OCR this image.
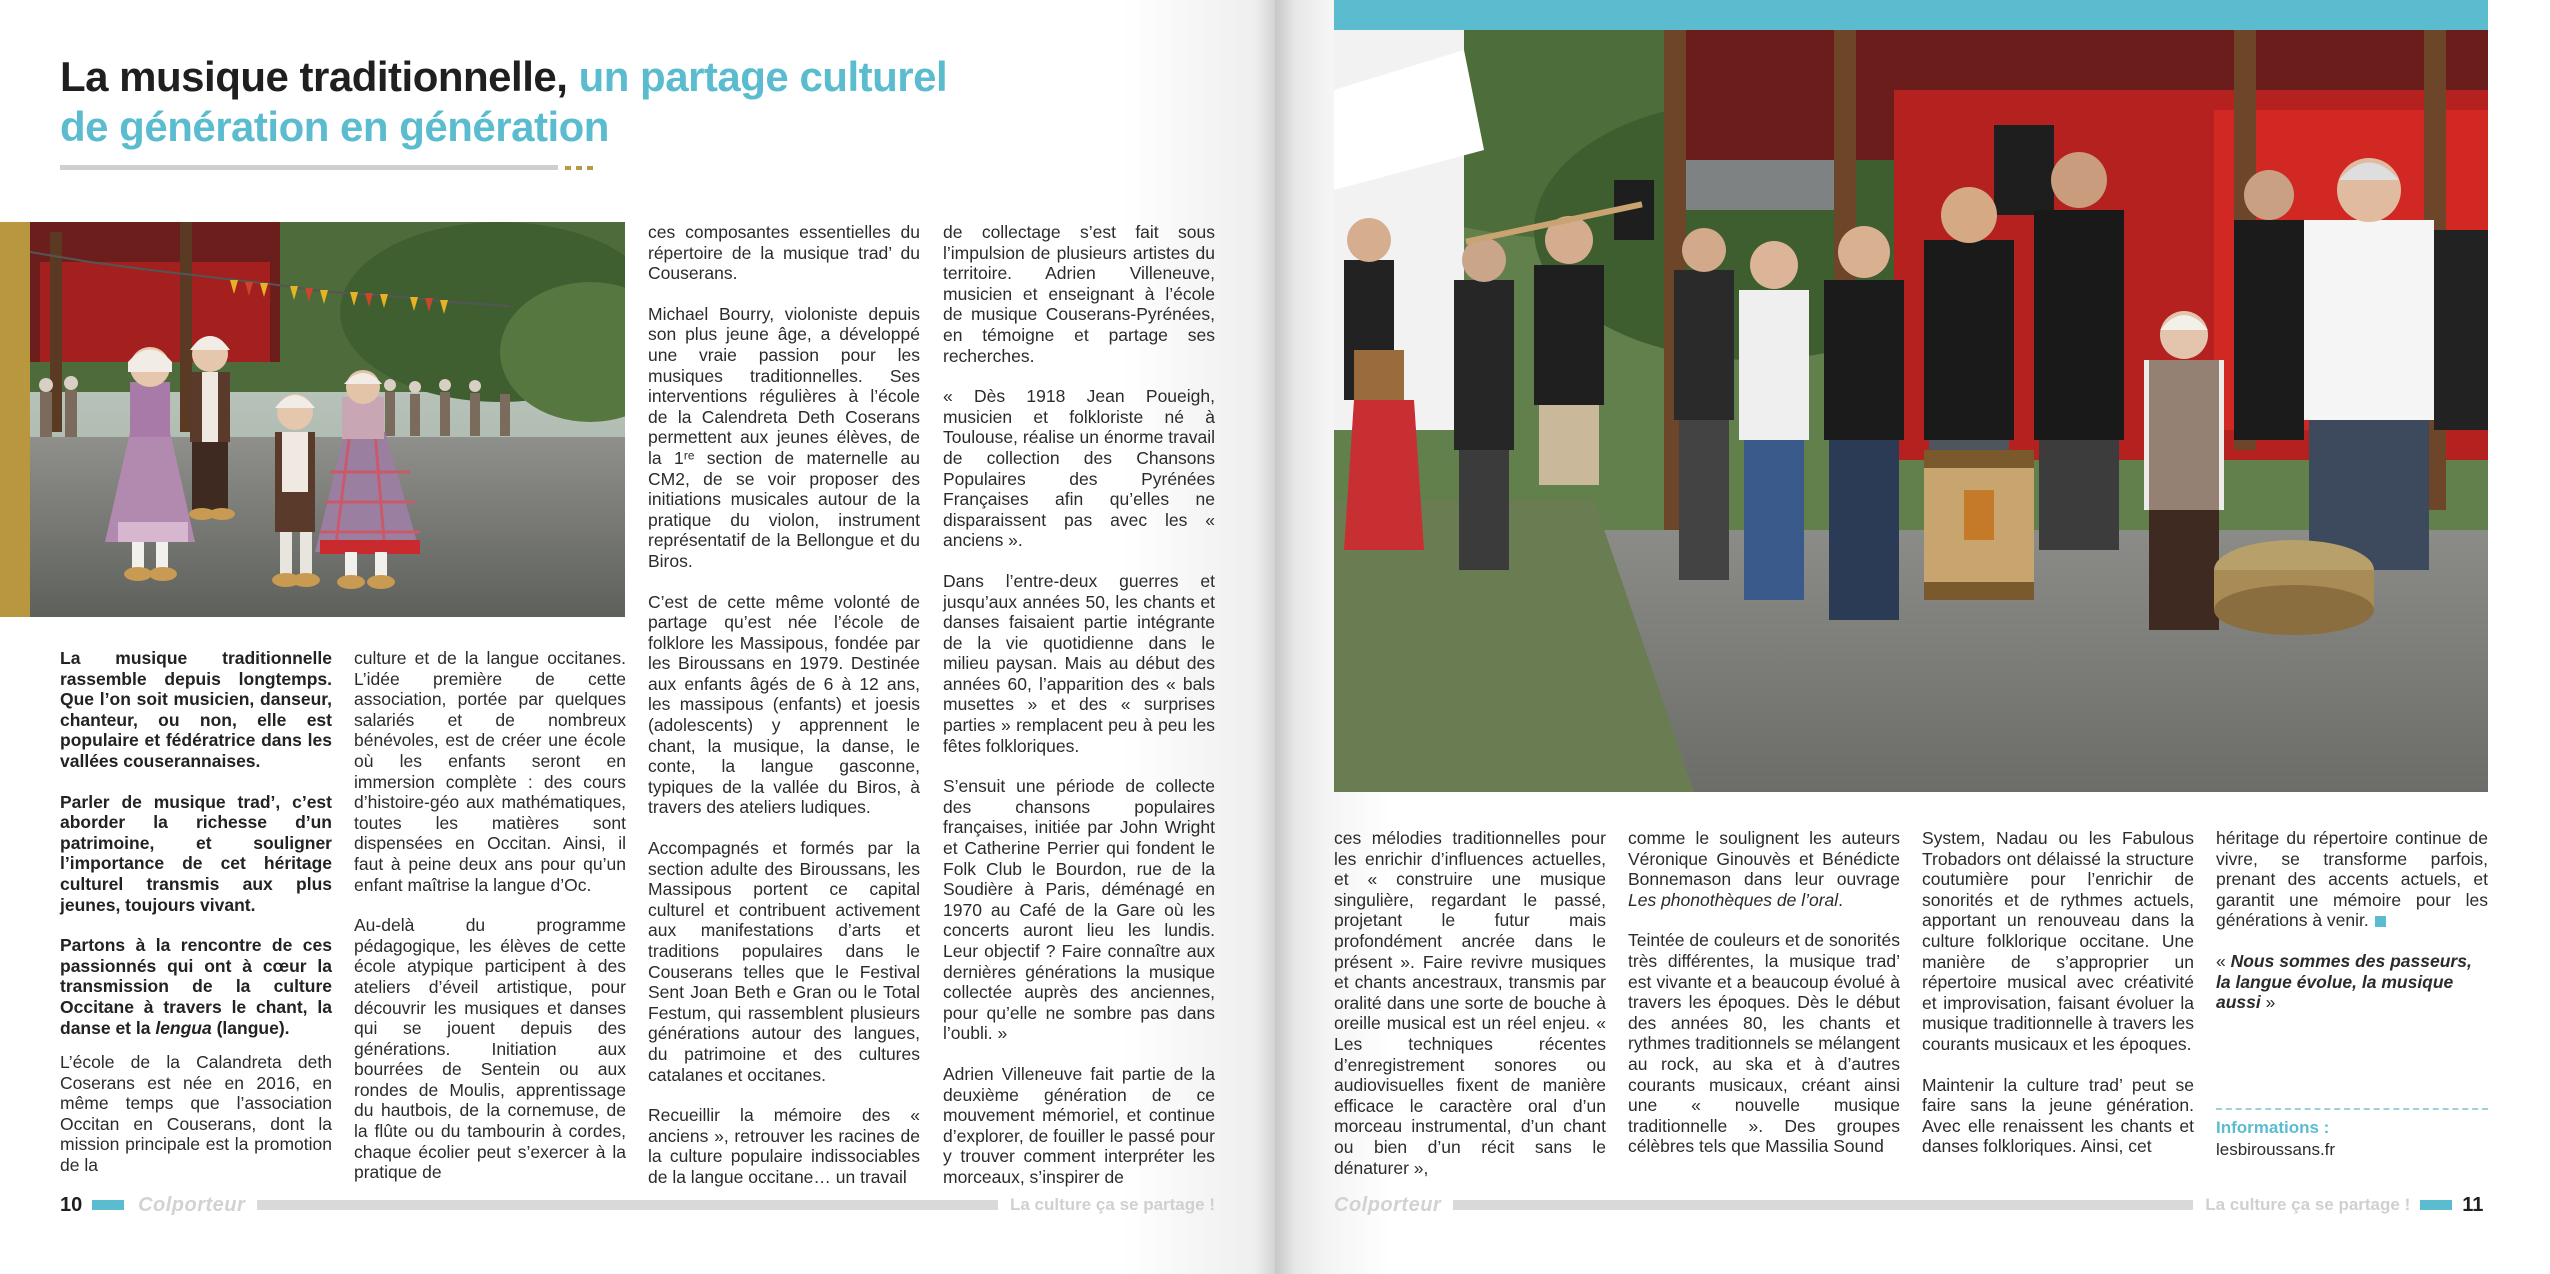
La musique traditionnelle, un partage culturel de génération en génération

La musique traditionnelle rassemble depuis longtemps. Que l’on soit musicien, danseur, chanteur, ou non, elle est populaire et fédératrice dans les vallées couserannaises.

Parler de musique trad’, c’est aborder la richesse d’un patrimoine, et souligner l’importance de cet héritage culturel transmis aux plus jeunes, toujours vivant.

Partons à la rencontre de ces passionnés qui ont à cœur la transmission de la culture Occitane à travers le chant, la danse et la lengua (langue).

L’école de la Calandreta deth Coserans est née en 2016, en même temps que l’association Occitan en Couserans, dont la mission principale est la promotion de la

culture et de la langue occitanes. L’idée première de cette association, portée par quelques salariés et de nombreux bénévoles, est de créer une école où les enfants seront en immersion complète : des cours d’histoire-géo aux mathématiques, toutes les matières sont dispensées en Occitan. Ainsi, il faut à peine deux ans pour qu’un enfant maîtrise la langue d’Oc.

Au-delà du programme pédagogique, les élèves de cette école atypique participent à des ateliers d’éveil artistique, pour découvrir les musiques et danses qui se jouent depuis des générations. Initiation aux bourrées de Sentein ou aux rondes de Moulis, apprentissage du hautbois, de la cornemuse, de la flûte ou du tambourin à cordes, chaque écolier peut s’exercer à la pratique de

ces composantes essentielles du répertoire de la musique trad’ du Couserans.

Michael Bourry, violoniste depuis son plus jeune âge, a développé une vraie passion pour les musiques traditionnelles. Ses interventions régulières à l’école de la Calendreta Deth Coserans permettent aux jeunes élèves, de la 1ʳᵉ section de maternelle au CM2, de se voir proposer des initiations musicales autour de la pratique du violon, instrument représentatif de la Bellongue et du Biros.

C’est de cette même volonté de partage qu’est née l’école de folklore les Massipous, fondée par les Biroussans en 1979. Destinée aux enfants âgés de 6 à 12 ans, les massipous (enfants) et joesis (adolescents) y apprennent le chant, la musique, la danse, le conte, la langue gasconne, typiques de la vallée du Biros, à travers des ateliers ludiques.

Accompagnés et formés par la section adulte des Biroussans, les Massipous portent ce capital culturel et contribuent activement aux manifestations d’arts et traditions populaires dans le Couserans telles que le Festival Sent Joan Beth e Gran ou le Total Festum, qui rassemblent plusieurs générations autour des langues, du patrimoine et des cultures catalanes et occitanes.

Recueillir la mémoire des « anciens », retrouver les racines de la culture populaire indissociables de la langue occitane… un travail

de collectage s’est fait sous l’impulsion de plusieurs artistes du territoire. Adrien Villeneuve, musicien et enseignant à l’école de musique Couserans-Pyrénées, en témoigne et partage ses recherches.

« Dès 1918 Jean Poueigh, musicien et folkloriste né à Toulouse, réalise un énorme travail de collection des Chansons Populaires des Pyrénées Françaises afin qu’elles ne disparaissent pas avec les « anciens ».

Dans l’entre-deux guerres et jusqu’aux années 50, les chants et danses faisaient partie intégrante de la vie quotidienne dans le milieu paysan. Mais au début des années 60, l’apparition des « bals musettes » et des « surprises parties » remplacent peu à peu les fêtes folkloriques.

S’ensuit une période de collecte des chansons populaires françaises, initiée par John Wright et Catherine Perrier qui fondent le Folk Club le Bourdon, rue de la Soudière à Paris, déménagé en 1970 au Café de la Gare où les concerts auront lieu les lundis. Leur objectif ? Faire connaître aux dernières générations la musique collectée auprès des anciennes, pour qu’elle ne sombre pas dans l’oubli. »

Adrien Villeneuve fait partie de la deuxième génération de ce mouvement mémoriel, et continue d’explorer, de fouiller le passé pour y trouver comment interpréter les morceaux, s’inspirer de

10	Colporteur	La culture ça se partage !

ces mélodies traditionnelles pour les enrichir d’influences actuelles, et « construire une musique singulière, regardant le passé, projetant le futur mais profondément ancrée dans le présent ». Faire revivre musiques et chants ancestraux, transmis par oralité dans une sorte de bouche à oreille musical est un réel enjeu. « Les techniques récentes d’enregistrement sonores ou audiovisuelles fixent de manière efficace le caractère oral d’un morceau instrumental, d’un chant ou bien d’un récit sans le dénaturer »,

comme le soulignent les auteurs Véronique Ginouvès et Bénédicte Bonnemason dans leur ouvrage Les phonothèques de l’oral.

Teintée de couleurs et de sonorités très différentes, la musique trad’ est vivante et a beaucoup évolué à travers les époques. Dès le début des années 80, les chants et rythmes traditionnels se mélangent au rock, au ska et à d’autres courants musicaux, créant ainsi une « nouvelle musique traditionnelle ». Des groupes célèbres tels que Massilia Sound

System, Nadau ou les Fabulous Trobadors ont délaissé la structure coutumière pour l’enrichir de sonorités et de rythmes actuels, apportant un renouveau dans la culture folklorique occitane. Une manière de s’approprier un répertoire musical avec créativité et improvisation, faisant évoluer la musique traditionnelle à travers les courants musicaux et les époques.

Maintenir la culture trad’ peut se faire sans la jeune génération. Avec elle renaissent les chants et danses folkloriques. Ainsi, cet

héritage du répertoire continue de vivre, se transforme parfois, prenant des accents actuels, et garantit une mémoire pour les générations à venir.

« Nous sommes des passeurs, la langue évolue, la musique aussi »

Informations :
lesbiroussans.fr
Colporteur	La culture ça se partage !	11
